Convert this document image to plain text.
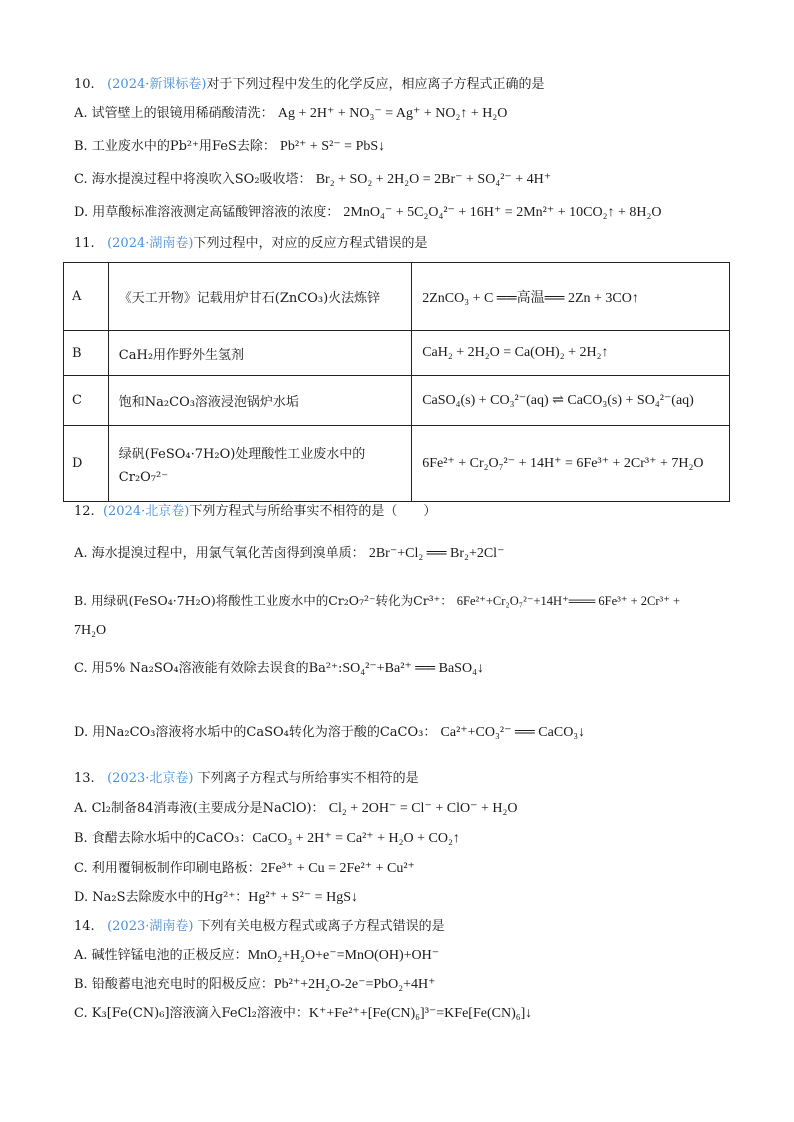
10. (2024·新课标卷)对于下列过程中发生的化学反应，相应离子方程式正确的是
A. 试管壁上的银镜用稀硝酸清洗： Ag + 2H⁺ + NO₃⁻ = Ag⁺ + NO₂↑ + H₂O
B. 工业废水中的Pb²⁺用FeS去除： Pb²⁺ + S²⁻ = PbS↓
C. 海水提溴过程中将溴吹入SO₂吸收塔： Br₂ + SO₂ + 2H₂O = 2Br⁻ + SO₄²⁻ + 4H⁺
D. 用草酸标准溶液测定高锰酸钾溶液的浓度： 2MnO₄⁻ + 5C₂O₄²⁻ + 16H⁺ = 2Mn²⁺ + 10CO₂↑ + 8H₂O
11. (2024·湖南卷)下列过程中，对应的反应方程式错误的是
A	《天工开物》记载用炉甘石(ZnCO₃)火法炼锌	2ZnCO₃ + C ══高温══ 2Zn + 3CO↑
B	CaH₂用作野外生氢剂	CaH₂ + 2H₂O = Ca(OH)₂ + 2H₂↑
C	饱和Na₂CO₃溶液浸泡锅炉水垢	CaSO₄(s) + CO₃²⁻(aq) ⇌ CaCO₃(s) + SO₄²⁻(aq)
D	绿矾(FeSO₄·7H₂O)处理酸性工业废水中的
Cr₂O₇²⁻	6Fe²⁺ + Cr₂O₇²⁻ + 14H⁺ = 6Fe³⁺ + 2Cr³⁺ + 7H₂O
12. (2024·北京卷)下列方程式与所给事实不相符的是（　　）
A. 海水提溴过程中，用氯气氧化苦卤得到溴单质： 2Br⁻+Cl₂ ══ Br₂+2Cl⁻
B. 用绿矾(FeSO₄·7H₂O)将酸性工业废水中的Cr₂O₇²⁻转化为Cr³⁺： 6Fe²⁺+Cr₂O₇²⁻+14H⁺═══ 6Fe³⁺ + 2Cr³⁺ +
7H₂O
C. 用5% Na₂SO₄溶液能有效除去误食的Ba²⁺:SO₄²⁻+Ba²⁺ ══ BaSO₄↓
D. 用Na₂CO₃溶液将水垢中的CaSO₄转化为溶于酸的CaCO₃： Ca²⁺+CO₃²⁻ ══ CaCO₃↓
13. (2023·北京卷) 下列离子方程式与所给事实不相符的是
A. Cl₂制备84消毒液(主要成分是NaClO)： Cl₂ + 2OH⁻ = Cl⁻ + ClO⁻ + H₂O
B. 食醋去除水垢中的CaCO₃：CaCO₃ + 2H⁺ = Ca²⁺ + H₂O + CO₂↑
C. 利用覆铜板制作印刷电路板：2Fe³⁺ + Cu = 2Fe²⁺ + Cu²⁺
D. Na₂S去除废水中的Hg²⁺：Hg²⁺ + S²⁻ = HgS↓
14. (2023·湖南卷) 下列有关电极方程式或离子方程式错误的是
A. 碱性锌锰电池的正极反应：MnO₂+H₂O+e⁻=MnO(OH)+OH⁻
B. 铅酸蓄电池充电时的阳极反应：Pb²⁺+2H₂O-2e⁻=PbO₂+4H⁺
C. K₃[Fe(CN)₆]溶液滴入FeCl₂溶液中：K⁺+Fe²⁺+[Fe(CN)₆]³⁻=KFe[Fe(CN)₆]↓
